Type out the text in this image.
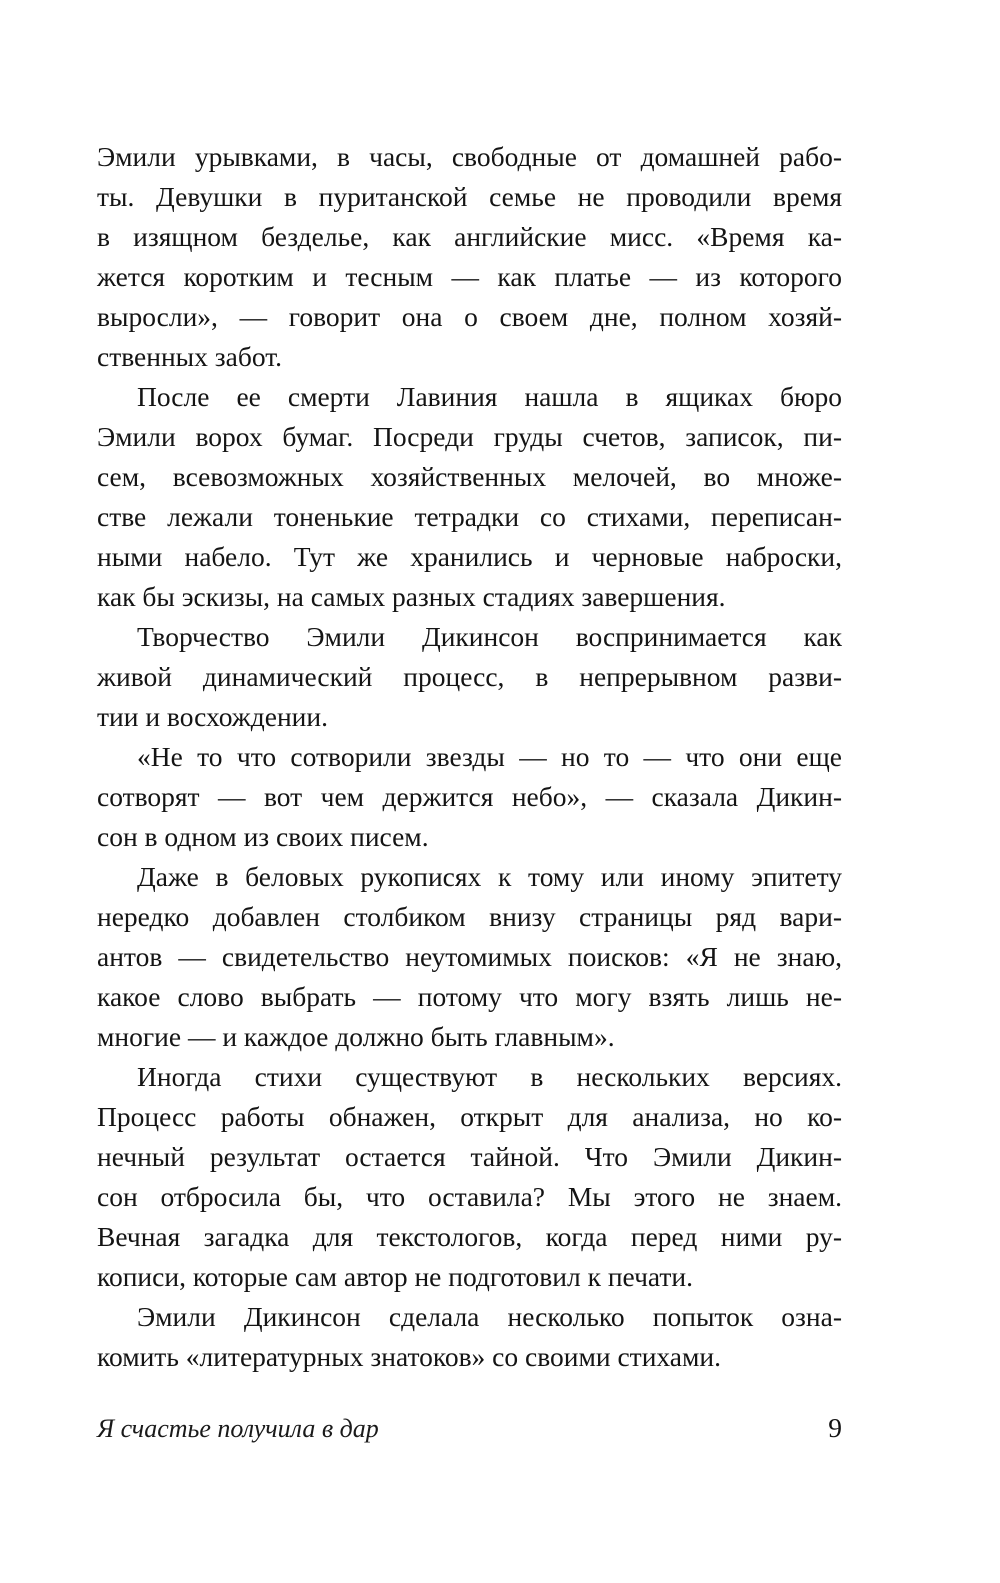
Эмили урывками, в часы, свободные от домашней рабо-
ты. Девушки в пуританской семье не проводили время
в изящном безделье, как английские мисс. «Время ка-
жется коротким и тесным — как платье — из которого
выросли», — говорит она о своем дне, полном хозяй-
ственных забот.
После ее смерти Лавиния нашла в ящиках бюро
Эмили ворох бумаг. Посреди груды счетов, записок, пи-
сем, всевозможных хозяйственных мелочей, во множе-
стве лежали тоненькие тетрадки со стихами, переписан-
ными набело. Тут же хранились и черновые наброски,
как бы эскизы, на самых разных стадиях завершения.
Творчество Эмили Дикинсон воспринимается как
живой динамический процесс, в непрерывном разви-
тии и восхождении.
«Не то что сотворили звезды — но то — что они еще
сотворят — вот чем держится небо», — сказала Дикин-
сон в одном из своих писем.
Даже в беловых рукописях к тому или иному эпитету
нередко добавлен столбиком внизу страницы ряд вари-
антов — свидетельство неутомимых поисков: «Я не знаю,
какое слово выбрать — потому что могу взять лишь не-
многие — и каждое должно быть главным».
Иногда стихи существуют в нескольких версиях.
Процесс работы обнажен, открыт для анализа, но ко-
нечный результат остается тайной. Что Эмили Дикин-
сон отбросила бы, что оставила? Мы этого не знаем.
Вечная загадка для текстологов, когда перед ними ру-
кописи, которые сам автор не подготовил к печати.
Эмили Дикинсон сделала несколько попыток озна-
комить «литературных знатоков» со своими стихами.
Я счастье получила в дар	9
